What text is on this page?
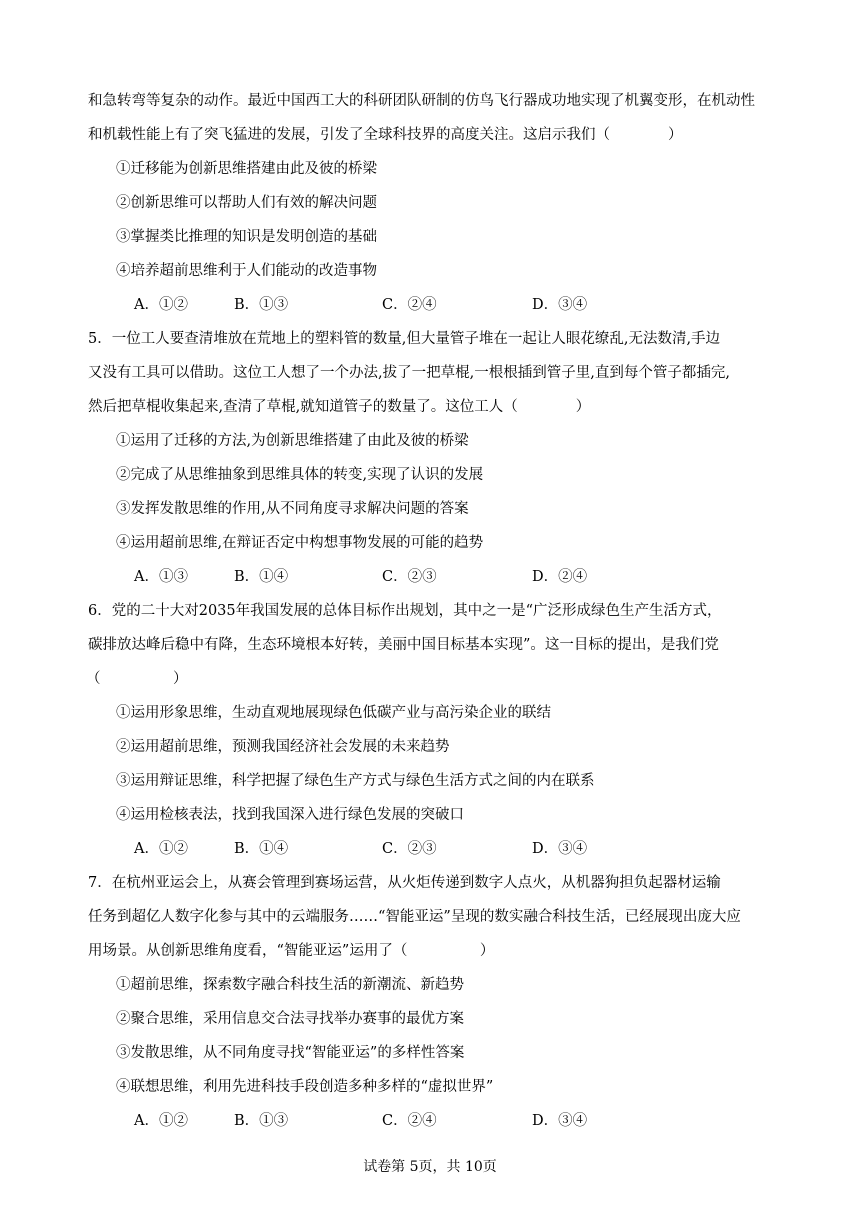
和急转弯等复杂的动作。最近中国西工大的科研团队研制的仿鸟飞行器成功地实现了机翼变形，在机动性
和机载性能上有了突飞猛进的发展，引发了全球科技界的高度关注。这启示我们（　　　　）
①迁移能为创新思维搭建由此及彼的桥梁
②创新思维可以帮助人们有效的解决问题
③掌握类比推理的知识是发明创造的基础
④培养超前思维利于人们能动的改造事物
A．①②	B．①③	C．②④	D．③④
5．一位工人要查清堆放在荒地上的塑料管的数量,但大量管子堆在一起让人眼花缭乱,无法数清,手边
又没有工具可以借助。这位工人想了一个办法,拔了一把草棍,一根根插到管子里,直到每个管子都插完,
然后把草棍收集起来,查清了草棍,就知道管子的数量了。这位工人（　　　　）
①运用了迁移的方法,为创新思维搭建了由此及彼的桥梁
②完成了从思维抽象到思维具体的转变,实现了认识的发展
③发挥发散思维的作用,从不同角度寻求解决问题的答案
④运用超前思维,在辩证否定中构想事物发展的可能的趋势
A．①③	B．①④	C．②③	D．②④
6．党的二十大对2035年我国发展的总体目标作出规划，其中之一是“广泛形成绿色生产生活方式，
碳排放达峰后稳中有降，生态环境根本好转，美丽中国目标基本实现”。这一目标的提出，是我们党
（　　　　　）
①运用形象思维，生动直观地展现绿色低碳产业与高污染企业的联结
②运用超前思维，预测我国经济社会发展的未来趋势
③运用辩证思维，科学把握了绿色生产方式与绿色生活方式之间的内在联系
④运用检核表法，找到我国深入进行绿色发展的突破口
A．①②	B．①④	C．②③	D．③④
7．在杭州亚运会上，从赛会管理到赛场运营，从火炬传递到数字人点火，从机器狗担负起器材运输
任务到超亿人数字化参与其中的云端服务……“智能亚运”呈现的数实融合科技生活，已经展现出庞大应
用场景。从创新思维角度看，“智能亚运”运用了（　　　　　）
①超前思维，探索数字融合科技生活的新潮流、新趋势
②聚合思维，采用信息交合法寻找举办赛事的最优方案
③发散思维，从不同角度寻找“智能亚运”的多样性答案
④联想思维，利用先进科技手段创造多种多样的“虚拟世界”
A．①②	B．①③	C．②④	D．③④
试卷第 5页，共 10页
